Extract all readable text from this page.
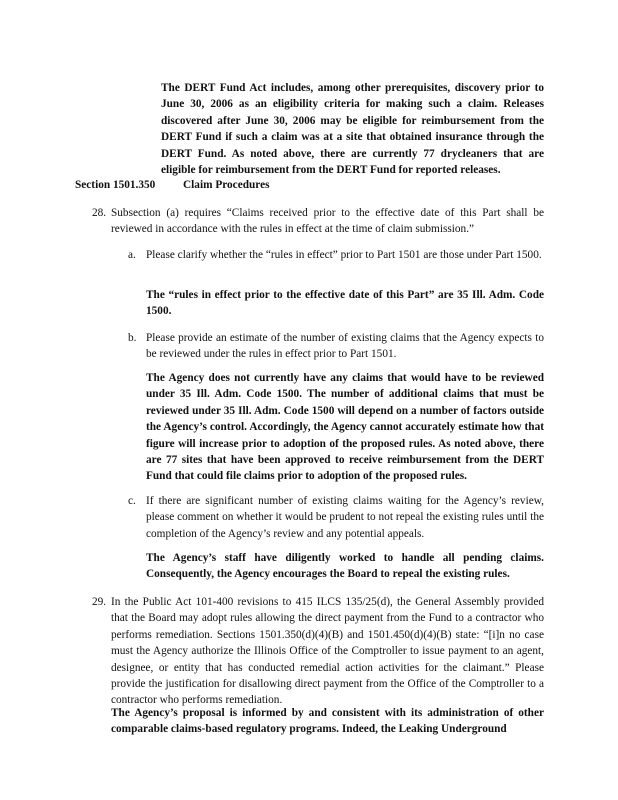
The DERT Fund Act includes, among other prerequisites, discovery prior to June 30, 2006 as an eligibility criteria for making such a claim. Releases discovered after June 30, 2006 may be eligible for reimbursement from the DERT Fund if such a claim was at a site that obtained insurance through the DERT Fund. As noted above, there are currently 77 drycleaners that are eligible for reimbursement from the DERT Fund for reported releases.

Section 1501.350 Claim Procedures
28. Subsection (a) requires “Claims received prior to the effective date of this Part shall be reviewed in accordance with the rules in effect at the time of claim submission.”

a. Please clarify whether the “rules in effect” prior to Part 1501 are those under Part 1500.

The “rules in effect prior to the effective date of this Part” are 35 Ill. Adm. Code 1500.

b. Please provide an estimate of the number of existing claims that the Agency expects to be reviewed under the rules in effect prior to Part 1501.

The Agency does not currently have any claims that would have to be reviewed under 35 Ill. Adm. Code 1500. The number of additional claims that must be reviewed under 35 Ill. Adm. Code 1500 will depend on a number of factors outside the Agency’s control. Accordingly, the Agency cannot accurately estimate how that figure will increase prior to adoption of the proposed rules. As noted above, there are 77 sites that have been approved to receive reimbursement from the DERT Fund that could file claims prior to adoption of the proposed rules.

c. If there are significant number of existing claims waiting for the Agency’s review, please comment on whether it would be prudent to not repeal the existing rules until the completion of the Agency’s review and any potential appeals.

The Agency’s staff have diligently worked to handle all pending claims. Consequently, the Agency encourages the Board to repeal the existing rules.

29. In the Public Act 101-400 revisions to 415 ILCS 135/25(d), the General Assembly provided that the Board may adopt rules allowing the direct payment from the Fund to a contractor who performs remediation. Sections 1501.350(d)(4)(B) and 1501.450(d)(4)(B) state: “[i]n no case must the Agency authorize the Illinois Office of the Comptroller to issue payment to an agent, designee, or entity that has conducted remedial action activities for the claimant.” Please provide the justification for disallowing direct payment from the Office of the Comptroller to a contractor who performs remediation.

The Agency’s proposal is informed by and consistent with its administration of other comparable claims-based regulatory programs. Indeed, the Leaking Underground
